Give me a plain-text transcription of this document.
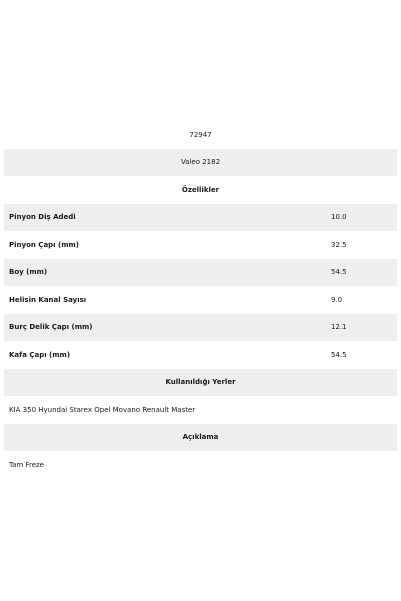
72947
Valeo 2182
Özellikler
Pinyon Diş Adedi	10.0
Pinyon Çapı (mm)	32.5
Boy (mm)	54.5
Helisin Kanal Sayısı	9.0
Burç Delik Çapı (mm)	12.1
Kafa Çapı (mm)	54.5
Kullanıldığı Yerler
KIA 350 Hyundai Starex Opel Movano Renault Master
Açıklama
Tam Freze
